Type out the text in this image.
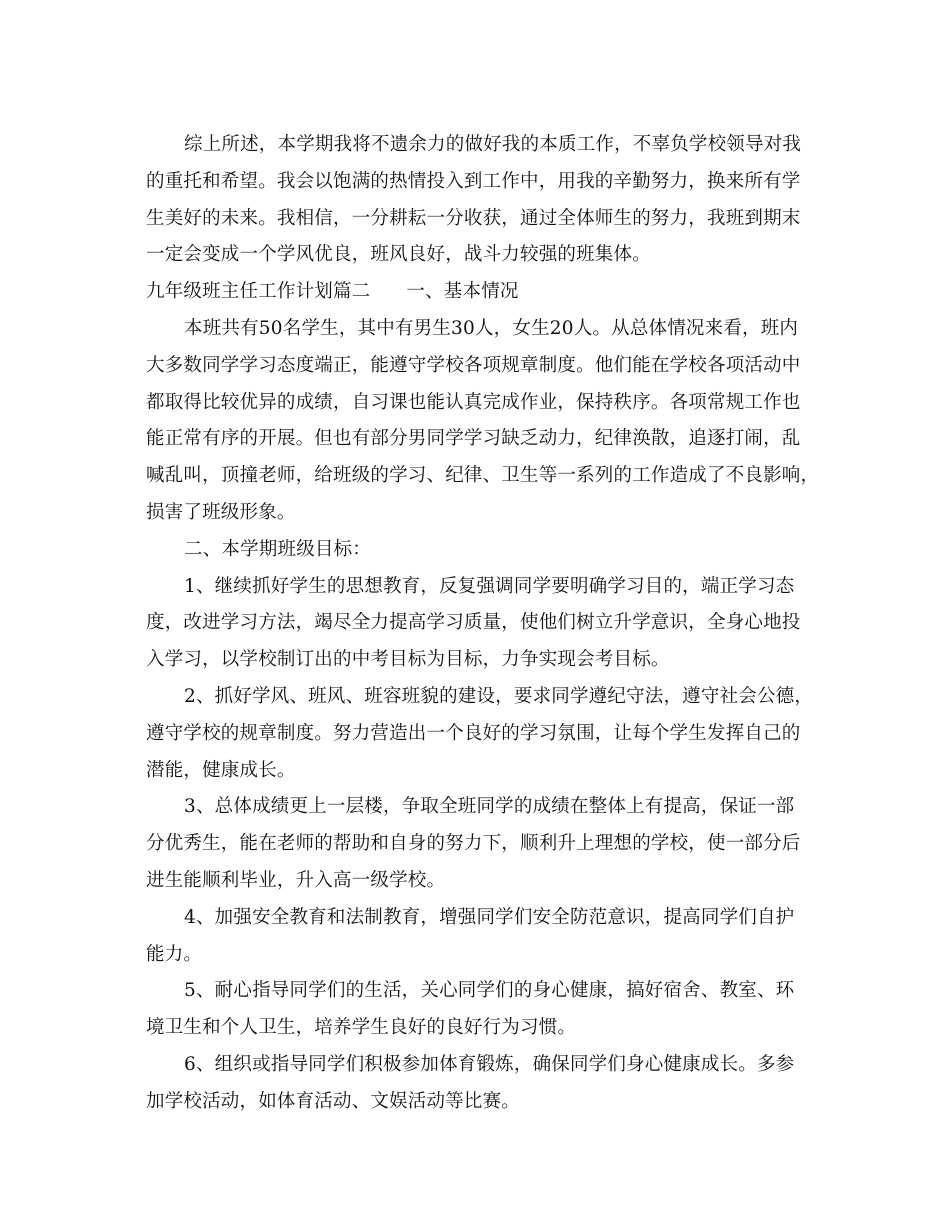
综上所述，本学期我将不遗余力的做好我的本质工作，不辜负学校领导对我
的重托和希望。我会以饱满的热情投入到工作中，用我的辛勤努力，换来所有学
生美好的未来。我相信，一分耕耘一分收获，通过全体师生的努力，我班到期末
一定会变成一个学风优良，班风良好，战斗力较强的班集体。
九年级班主任工作计划篇二 一、基本情况
本班共有50名学生，其中有男生30人，女生20人。从总体情况来看，班内
大多数同学学习态度端正，能遵守学校各项规章制度。他们能在学校各项活动中
都取得比较优异的成绩，自习课也能认真完成作业，保持秩序。各项常规工作也
能正常有序的开展。但也有部分男同学学习缺乏动力，纪律涣散，追逐打闹，乱
喊乱叫，顶撞老师，给班级的学习、纪律、卫生等一系列的工作造成了不良影响，
损害了班级形象。
二、本学期班级目标：
1、继续抓好学生的思想教育，反复强调同学要明确学习目的，端正学习态
度，改进学习方法，竭尽全力提高学习质量，使他们树立升学意识，全身心地投
入学习，以学校制订出的中考目标为目标，力争实现会考目标。
2、抓好学风、班风、班容班貌的建设，要求同学遵纪守法，遵守社会公德，
遵守学校的规章制度。努力营造出一个良好的学习氛围，让每个学生发挥自己的
潜能，健康成长。
3、总体成绩更上一层楼，争取全班同学的成绩在整体上有提高，保证一部
分优秀生，能在老师的帮助和自身的努力下，顺利升上理想的学校，使一部分后
进生能顺利毕业，升入高一级学校。
4、加强安全教育和法制教育，增强同学们安全防范意识，提高同学们自护
能力。
5、耐心指导同学们的生活，关心同学们的身心健康，搞好宿舍、教室、环
境卫生和个人卫生，培养学生良好的良好行为习惯。
6、组织或指导同学们积极参加体育锻炼，确保同学们身心健康成长。多参
加学校活动，如体育活动、文娱活动等比赛。
